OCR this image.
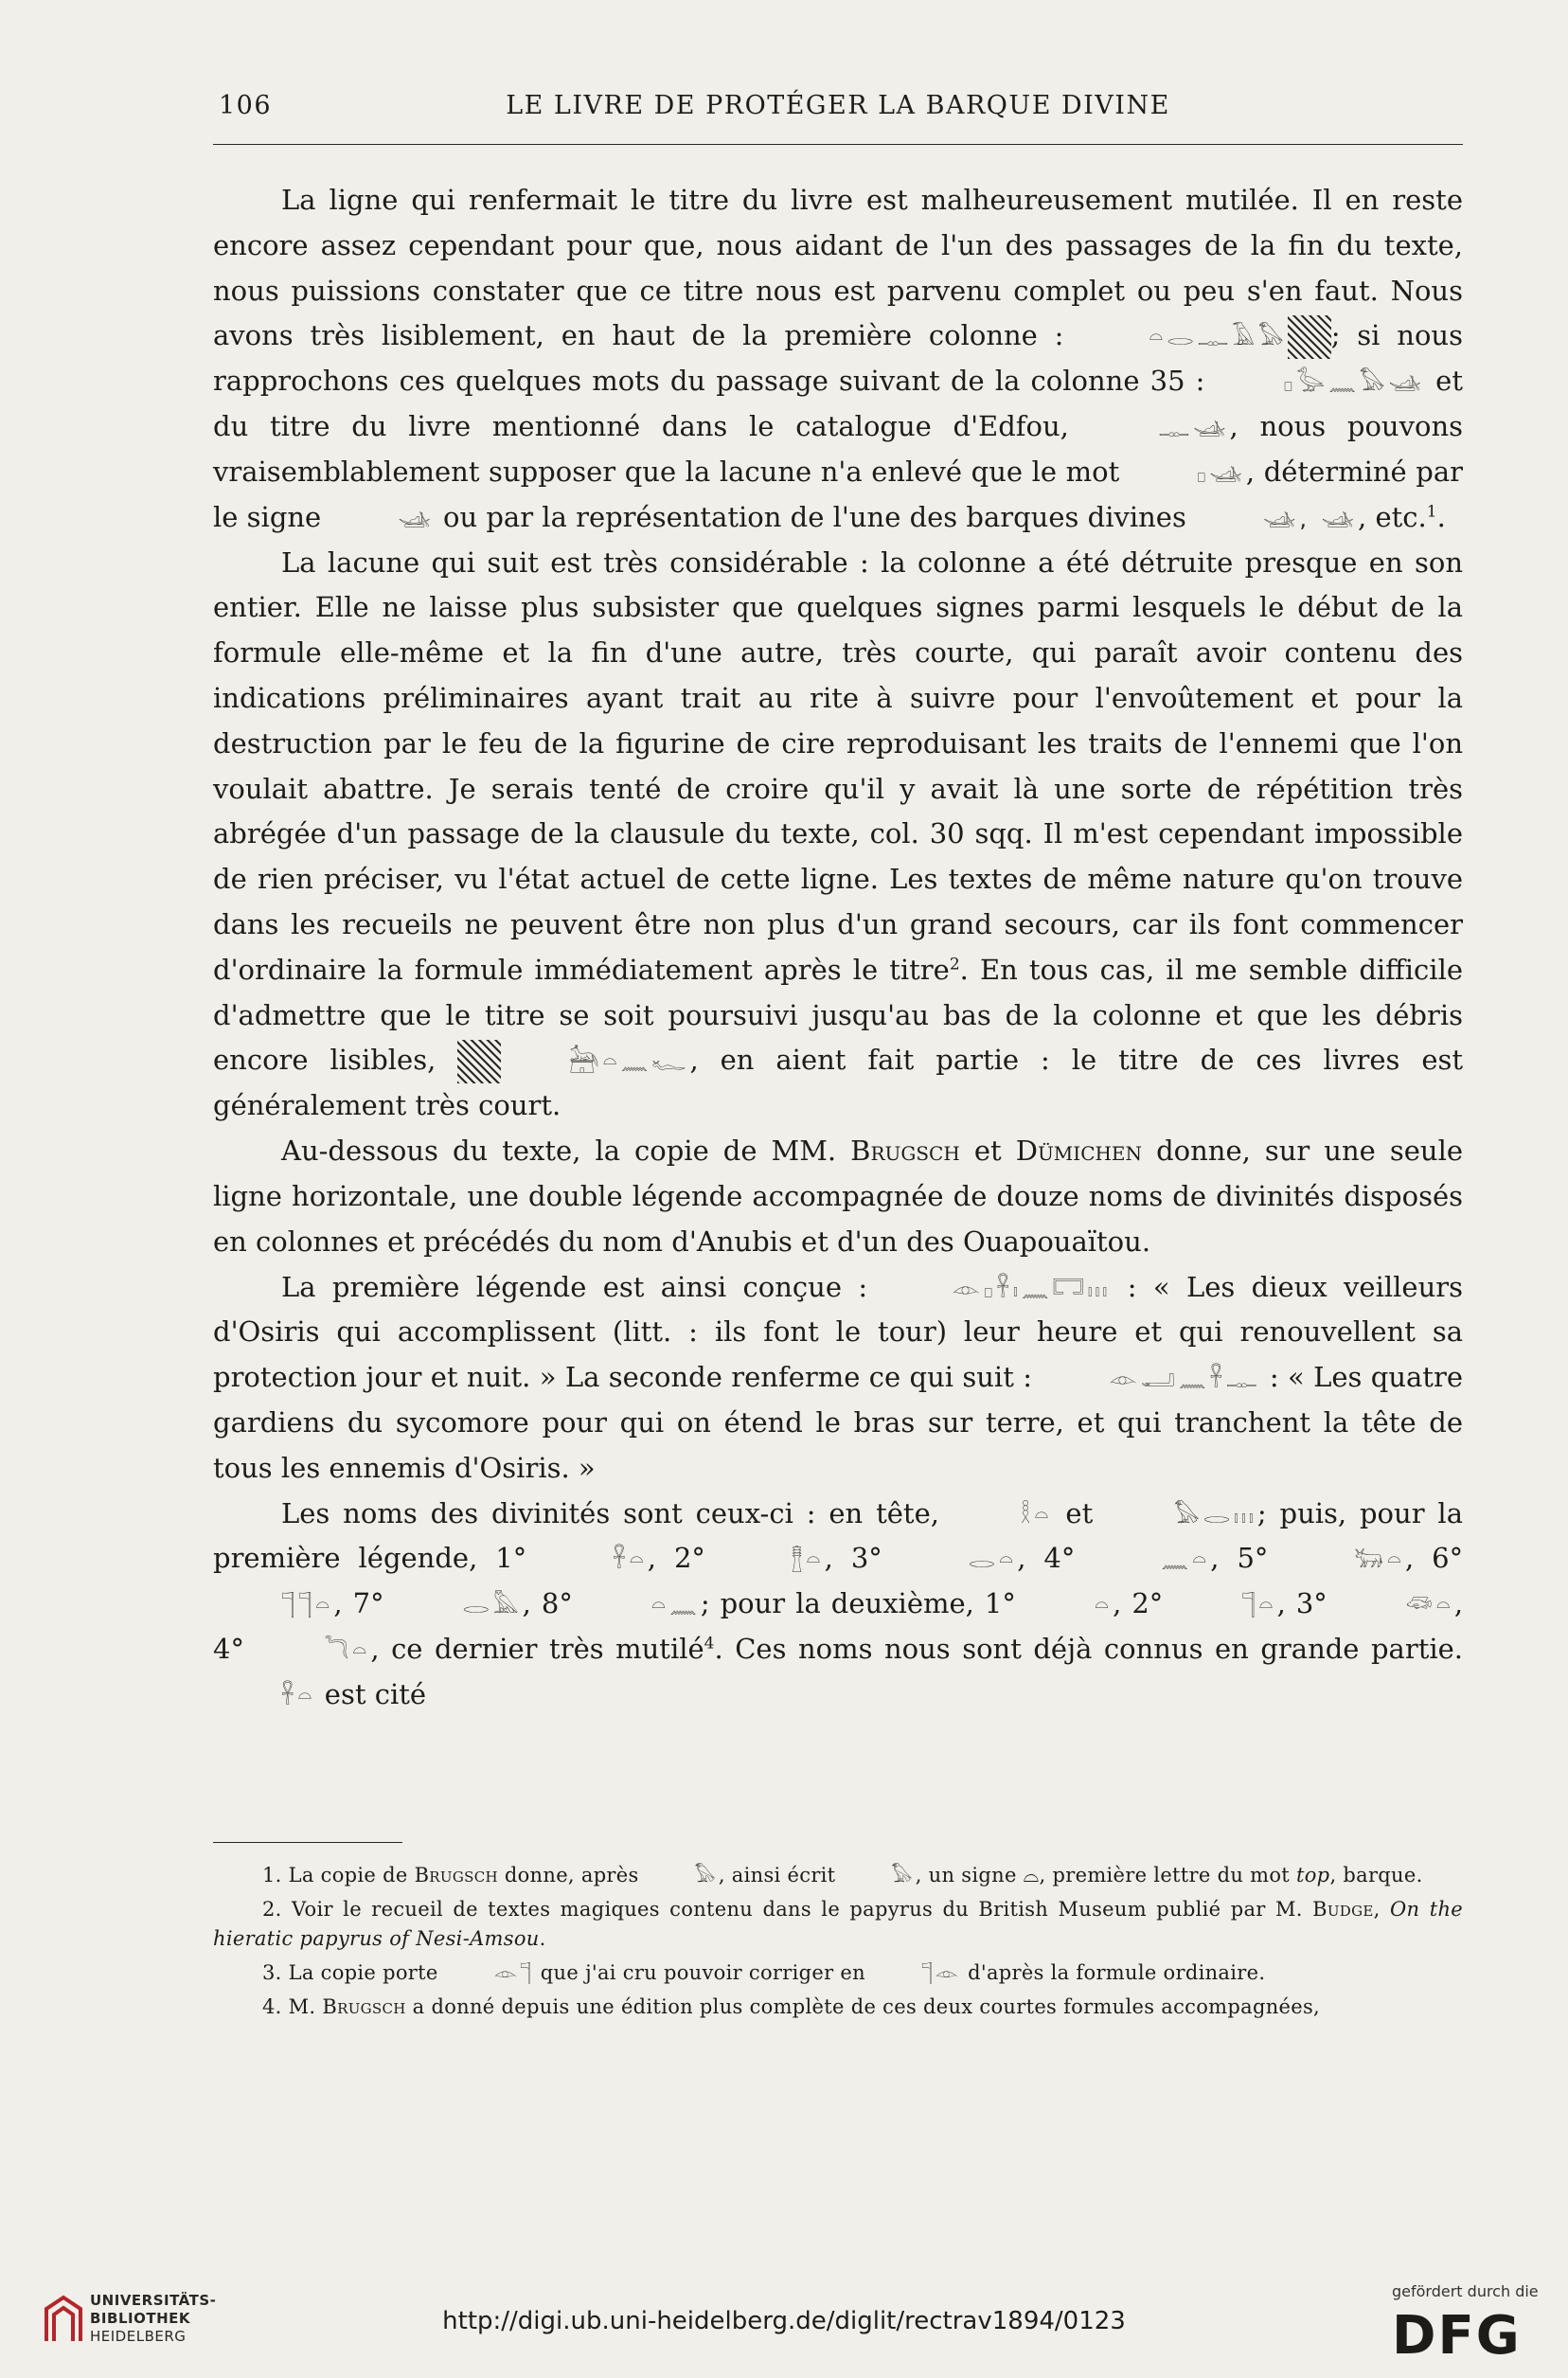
106	LE LIVRE DE PROTÉGER LA BARQUE DIVINE

La ligne qui renfermait le titre du livre est malheureusement mutilée. Il en reste encore assez cependant pour que, nous aidant de l'un des passages de la fin du texte, nous puissions constater que ce titre nous est parvenu complet ou peu s'en faut. Nous avons très lisiblement, en haut de la première colonne :	𓏏𓂋𓊃𓄿𓅃 ; si nous rapprochons ces quelques mots du passage suivant de la colonne 35 :	𓊪𓅭𓈖𓅃𓊛 et du titre du livre mentionné dans le catalogue d'Edfou,	𓊃𓊛, nous pouvons vraisemblablement supposer que la lacune n'a enlevé que le mot	𓊪𓊛, déterminé par le signe	𓊛 ou par la représentation de l'une des barques divines	𓊛, 𓊛, etc.$^1$.

La lacune qui suit est très considérable : la colonne a été détruite presque en son entier. Elle ne laisse plus subsister que quelques signes parmi lesquels le début de la formule elle-même et la fin d'une autre, très courte, qui paraît avoir contenu des indications préliminaires ayant trait au rite à suivre pour l'envoûtement et pour la destruction par le feu de la figurine de cire reproduisant les traits de l'ennemi que l'on voulait abattre. Je serais tenté de croire qu'il y avait là une sorte de répétition très abrégée d'un passage de la clausule du texte, col. 30 sqq. Il m'est cependant impossible de rien préciser, vu l'état actuel de cette ligne. Les textes de même nature qu'on trouve dans les recueils ne peuvent être non plus d'un grand secours, car ils font commencer d'ordinaire la formule immédiatement après le titre$^2$. En tous cas, il me semble difficile d'admettre que le titre se soit poursuivi jusqu'au bas de la colonne et que les débris encore lisibles,	𓃣𓏏𓈖𓆑, en aient fait partie : le titre de ces livres est généralement très court.

Au-dessous du texte, la copie de MM. Brugsch et Dümichen donne, sur une seule ligne horizontale, une double légende accompagnée de douze noms de divinités disposés en colonnes et précédés du nom d'Anubis et d'un des Ouapouaïtou.

La première légende est ainsi conçue :	𓁹𓊪𓋹𓏤𓈖𓉐𓏥 : « Les dieux veilleurs d'Osiris qui accomplissent (litt. : ils font le tour) leur heure et qui renouvellent sa protection jour et nuit. » La seconde renferme ce qui suit :	𓁹𓂝𓈖𓋹𓊃 : « Les quatre gardiens du sycomore pour qui on étend le bras sur terre, et qui tranchent la tête de tous les ennemis d'Osiris. »

Les noms des divinités sont ceux-ci : en tête,	𓎛𓏏 et	𓅃𓂋𓏥; puis, pour la première légende, 1°	𓋹𓏏, 2°	𓊽𓏏, 3°	𓂋𓏏, 4°	𓈖𓏏, 5°	𓃒𓏏, 6° 𓊹𓊹𓏏, 7°	𓂋𓅓, 8°	𓏏𓈖; pour la deuxième, 1°	𓏏, 2°	𓊹𓏏, 3°	𓆛𓏏, 4°	𓆓𓏏, ce dernier très mutilé$^4$. Ces noms nous sont déjà connus en grande partie. 𓋹𓏏 est cité

1. La copie de Brugsch donne, après	𓅃, ainsi écrit	𓅃, un signe ⌓, première lettre du mot top, barque.

2. Voir le recueil de textes magiques contenu dans le papyrus du British Museum publié par M. Budge, On the hieratic papyrus of Nesi-Amsou.

3. La copie porte	𓁹𓊹 que j'ai cru pouvoir corriger en	𓊹𓁹 d'après la formule ordinaire.

4. M. Brugsch a donné depuis une édition plus complète de ces deux courtes formules accompagnées,

UNIVERSITÄTS-
BIBLIOTHEK
HEIDELBERG
http://digi.ub.uni-heidelberg.de/diglit/rectrav1894/0123
gefördert durch die
DFG
